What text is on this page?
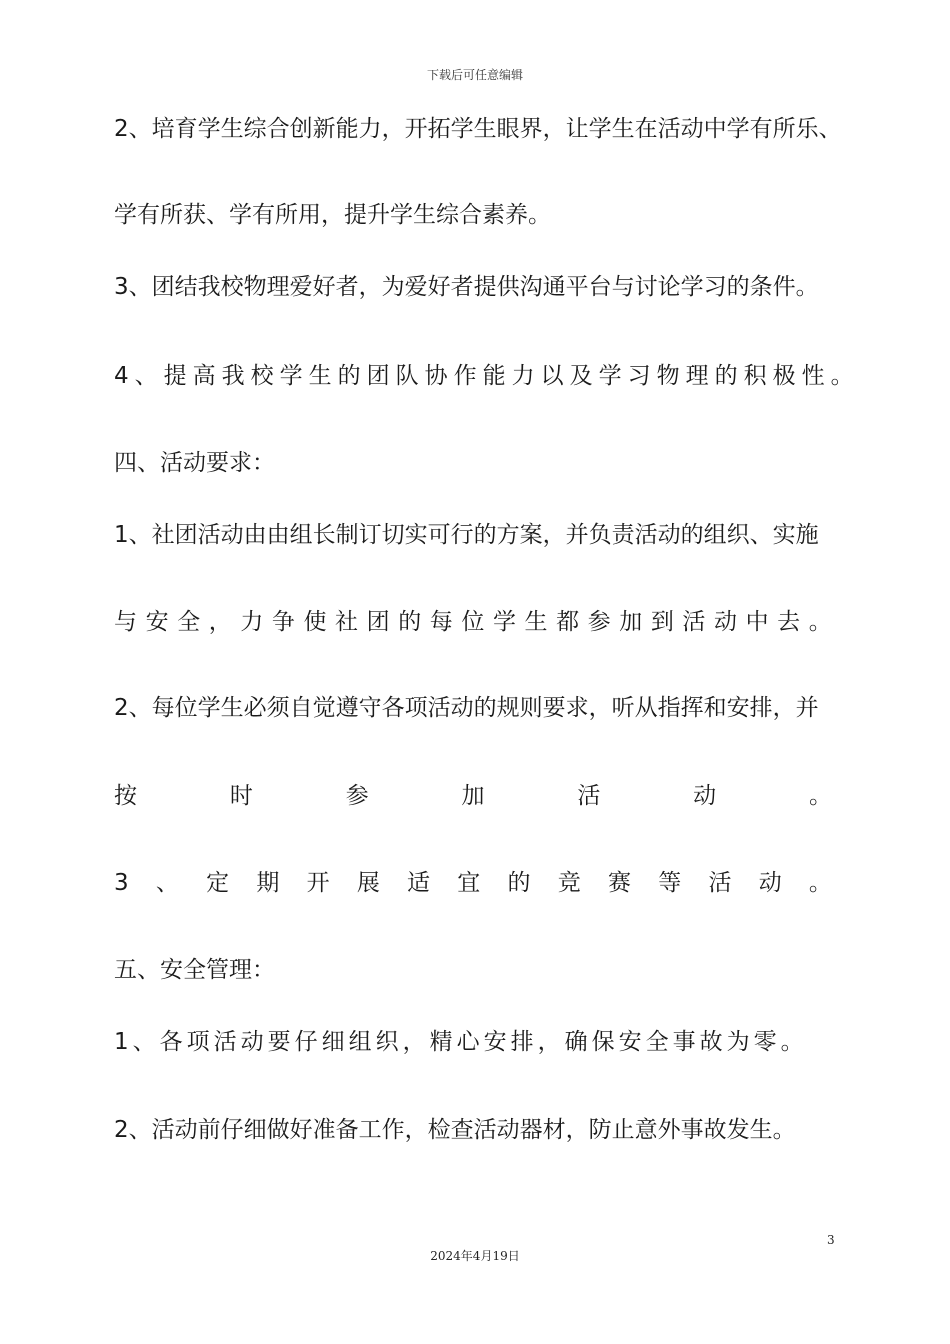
下载后可任意编辑
2、培育学生综合创新能力，开拓学生眼界，让学生在活动中学有所乐、
学有所获、学有所用，提升学生综合素养。
3、团结我校物理爱好者，为爱好者提供沟通平台与讨论学习的条件。
4、提高我校学生的团队协作能力以及学习物理的积极性。
四、活动要求：
1、社团活动由由组长制订切实可行的方案，并负责活动的组织、实施
与 安 全 ， 力 争 使 社 团 的 每 位 学 生 都 参 加 到 活 动 中 去 。
2、每位学生必须自觉遵守各项活动的规则要求，听从指挥和安排，并
按	时	参	加	活	动	。
3 、 定 期 开 展 适 宜 的 竞 赛 等 活 动 。
五、安全管理：
1、各项活动要仔细组织，精心安排，确保安全事故为零。
2、活动前仔细做好准备工作，检查活动器材，防止意外事故发生。
3
2024年4月19日
